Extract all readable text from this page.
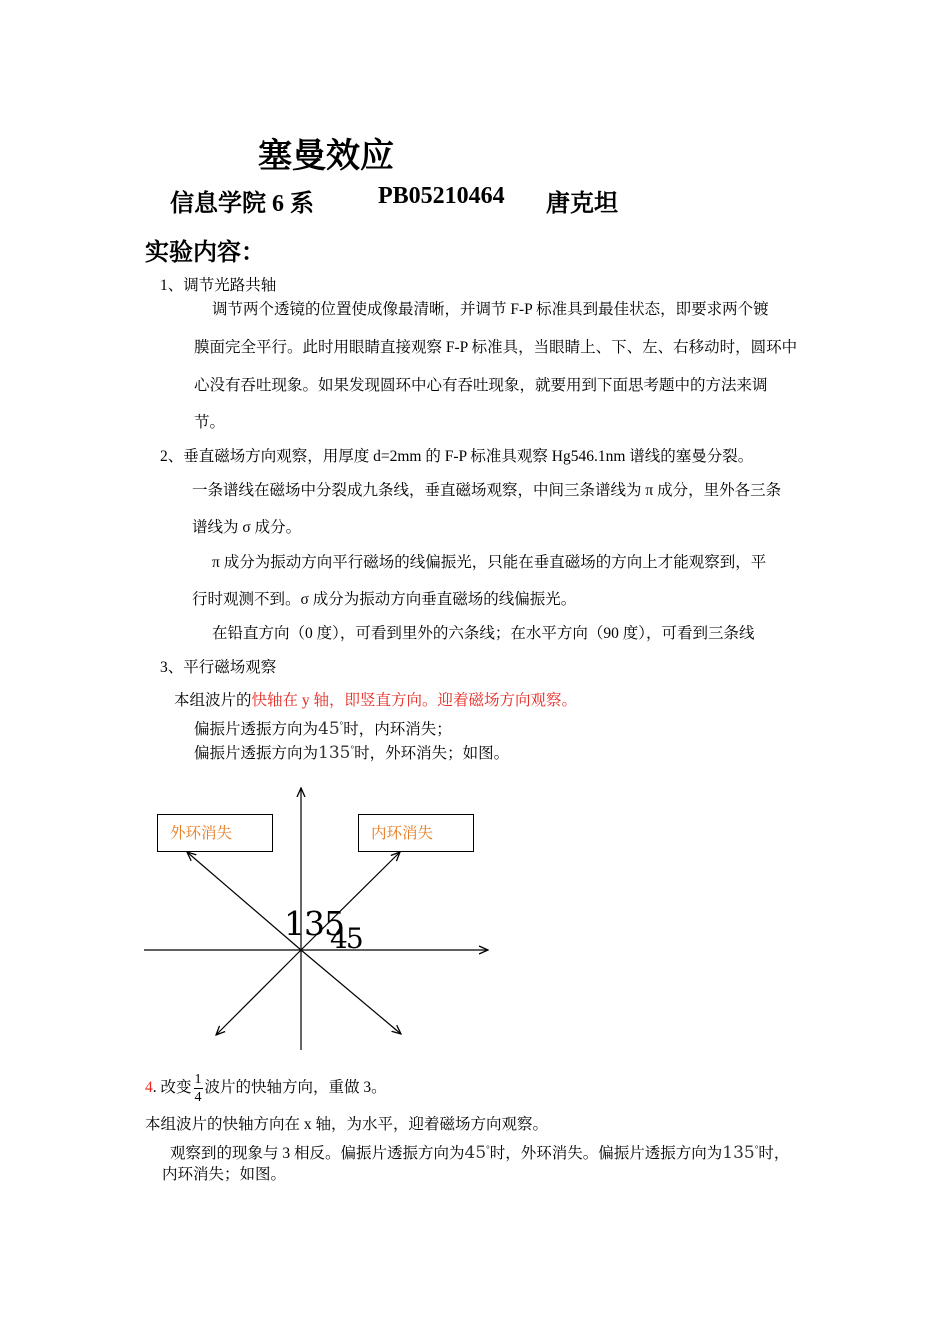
塞曼效应
信息学院 6 系	PB05210464 唐克坦
实验内容：
1、调节光路共轴
调节两个透镜的位置使成像最清晰，并调节 F-P 标准具到最佳状态，即要求两个镀
膜面完全平行。此时用眼睛直接观察 F-P 标准具，当眼睛上、下、左、右移动时，圆环中
心没有吞吐现象。如果发现圆环中心有吞吐现象，就要用到下面思考题中的方法来调
节。
2、垂直磁场方向观察，用厚度 d=2mm 的 F-P 标准具观察 Hg546.1nm 谱线的塞曼分裂。
一条谱线在磁场中分裂成九条线，垂直磁场观察，中间三条谱线为 π 成分，里外各三条
谱线为 σ 成分。
π 成分为振动方向平行磁场的线偏振光，只能在垂直磁场的方向上才能观察到，平
行时观测不到。σ 成分为振动方向垂直磁场的线偏振光。
在铅直方向（0 度），可看到里外的六条线；在水平方向（90 度），可看到三条线
3、平行磁场观察
本组波片的快轴在 y 轴，即竖直方向。迎着磁场方向观察。
偏振片透振方向为45°时，内环消失；
偏振片透振方向为135°时，外环消失；如图。
外环消失	内环消失
135
45
4. 改变 $\frac{1}{4}$ 波片的快轴方向，重做 3。
本组波片的快轴方向在 x 轴，为水平，迎着磁场方向观察。
观察到的现象与 3 相反。偏振片透振方向为45°时，外环消失。偏振片透振方向为135°时，
内环消失；如图。
